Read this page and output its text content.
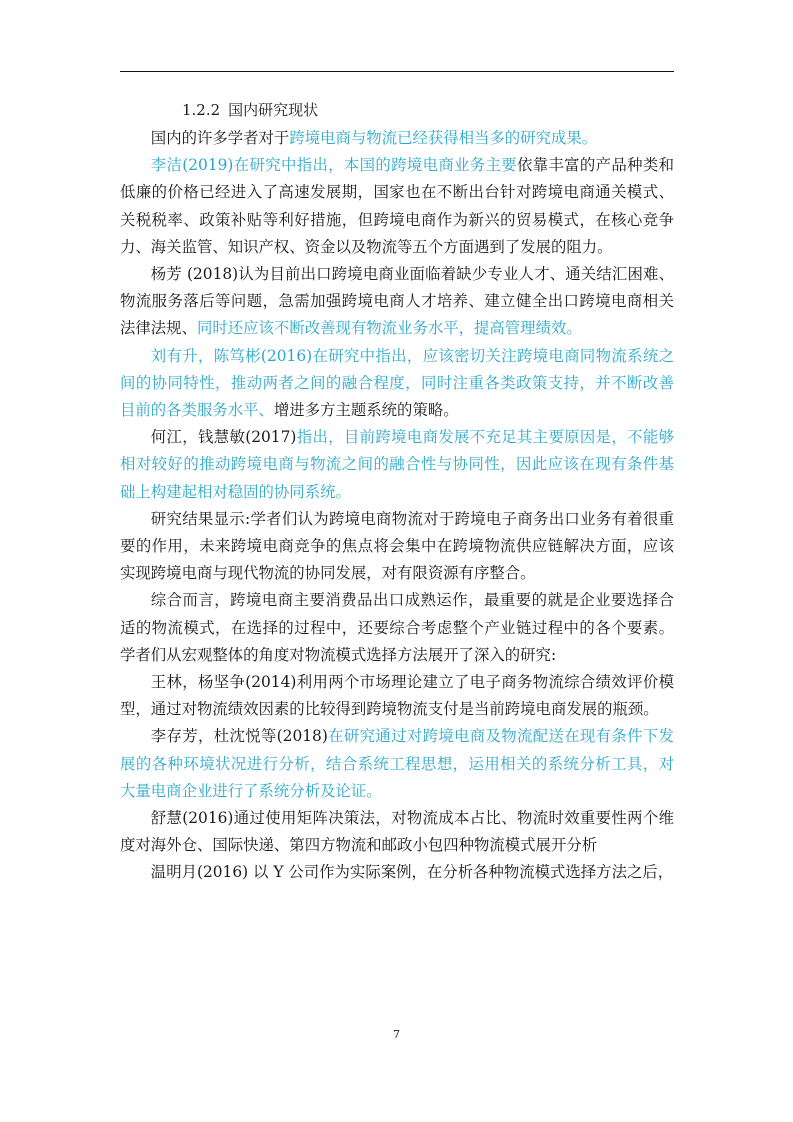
1.2.2 国内研究现状

国内的许多学者对于跨境电商与物流已经获得相当多的研究成果。

李洁(2019)在研究中指出，本国的跨境电商业务主要依靠丰富的产品种类和低廉的价格已经进入了高速发展期，国家也在不断出台针对跨境电商通关模式、关税税率、政策补贴等利好措施，但跨境电商作为新兴的贸易模式，在核心竞争力、海关监管、知识产权、资金以及物流等五个方面遇到了发展的阻力。

杨芳 (2018)认为目前出口跨境电商业面临着缺少专业人才、通关结汇困难、物流服务落后等问题，急需加强跨境电商人才培养、建立健全出口跨境电商相关法律法规、同时还应该不断改善现有物流业务水平，提高管理绩效。

刘有升，陈笃彬(2016)在研究中指出，应该密切关注跨境电商同物流系统之间的协同特性，推动两者之间的融合程度，同时注重各类政策支持，并不断改善目前的各类服务水平、增进多方主题系统的策略。

何江，钱慧敏(2017)指出，目前跨境电商发展不充足其主要原因是，不能够相对较好的推动跨境电商与物流之间的融合性与协同性，因此应该在现有条件基础上构建起相对稳固的协同系统。

研究结果显示:学者们认为跨境电商物流对于跨境电子商务出口业务有着很重要的作用，未来跨境电商竞争的焦点将会集中在跨境物流供应链解决方面，应该实现跨境电商与现代物流的协同发展，对有限资源有序整合。

综合而言，跨境电商主要消费品出口成熟运作，最重要的就是企业要选择合适的物流模式，在选择的过程中，还要综合考虑整个产业链过程中的各个要素。学者们从宏观整体的角度对物流模式选择方法展开了深入的研究:

王林，杨坚争(2014)利用两个市场理论建立了电子商务物流综合绩效评价模型，通过对物流绩效因素的比较得到跨境物流支付是当前跨境电商发展的瓶颈。

李存芳，杜沈悦等(2018)在研究通过对跨境电商及物流配送在现有条件下发展的各种环境状况进行分析，结合系统工程思想，运用相关的系统分析工具，对大量电商企业进行了系统分析及论证。

舒慧(2016)通过使用矩阵决策法，对物流成本占比、物流时效重要性两个维度对海外仓、国际快递、第四方物流和邮政小包四种物流模式展开分析

温明月(2016) 以 Y 公司作为实际案例，在分析各种物流模式选择方法之后，

7
